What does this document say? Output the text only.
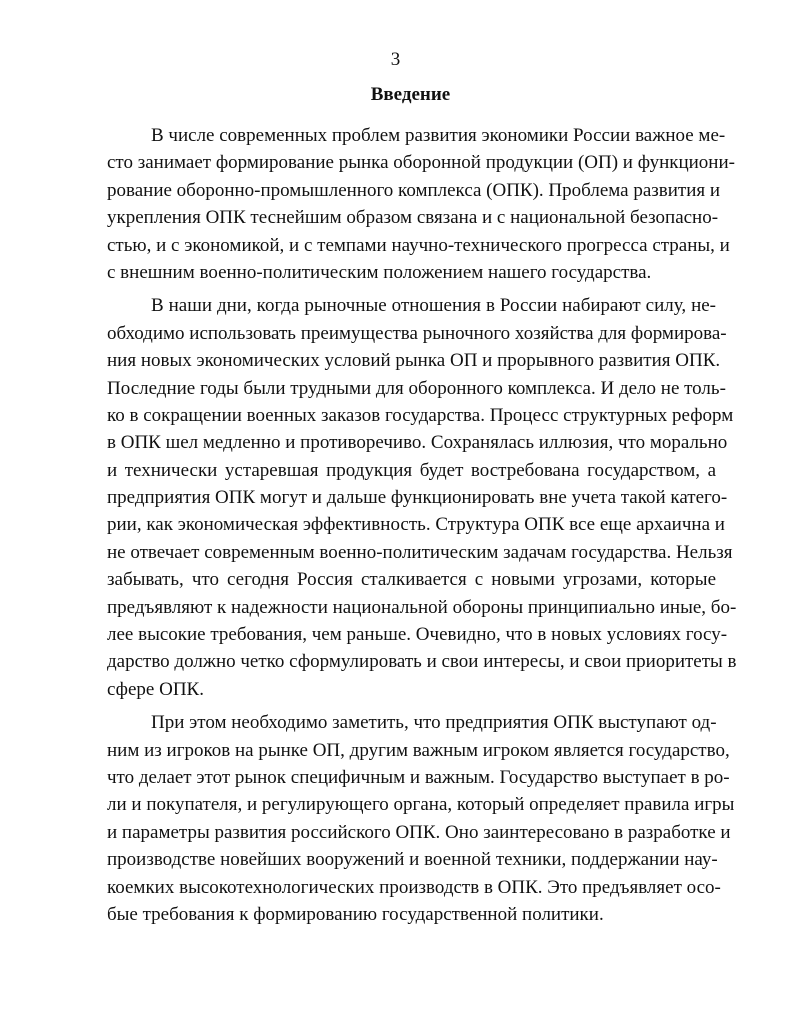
3
Введение
В числе современных проблем развития экономики России важное ме-
сто занимает формирование рынка оборонной продукции (ОП) и функциони-
рование оборонно-промышленного комплекса (ОПК). Проблема развития и
укрепления ОПК теснейшим образом связана и с национальной безопасно-
стью, и с экономикой, и с темпами научно-технического прогресса страны, и
с внешним военно-политическим положением нашего государства.
В наши дни, когда рыночные отношения в России набирают силу, не-
обходимо использовать преимущества рыночного хозяйства для формирова-
ния новых экономических условий рынка ОП и прорывного развития ОПК.
Последние годы были трудными для оборонного комплекса. И дело не толь-
ко в сокращении военных заказов государства. Процесс структурных реформ
в ОПК шел медленно и противоречиво. Сохранялась иллюзия, что морально
и технически устаревшая продукция будет востребована государством, а
предприятия ОПК могут и дальше функционировать вне учета такой катего-
рии, как экономическая эффективность. Структура ОПК все еще архаична и
не отвечает современным военно-политическим задачам государства. Нельзя
забывать, что сегодня Россия сталкивается с новыми угрозами, которые
предъявляют к надежности национальной обороны принципиально иные, бо-
лее высокие требования, чем раньше. Очевидно, что в новых условиях госу-
дарство должно четко сформулировать и свои интересы, и свои приоритеты в
сфере ОПК.
При этом необходимо заметить, что предприятия ОПК выступают од-
ним из игроков на рынке ОП, другим важным игроком является государство,
что делает этот рынок специфичным и важным. Государство выступает в ро-
ли и покупателя, и регулирующего органа, который определяет правила игры
и параметры развития российского ОПК. Оно заинтересовано в разработке и
производстве новейших вооружений и военной техники, поддержании нау-
коемких высокотехнологических производств в ОПК. Это предъявляет осо-
бые требования к формированию государственной политики.
